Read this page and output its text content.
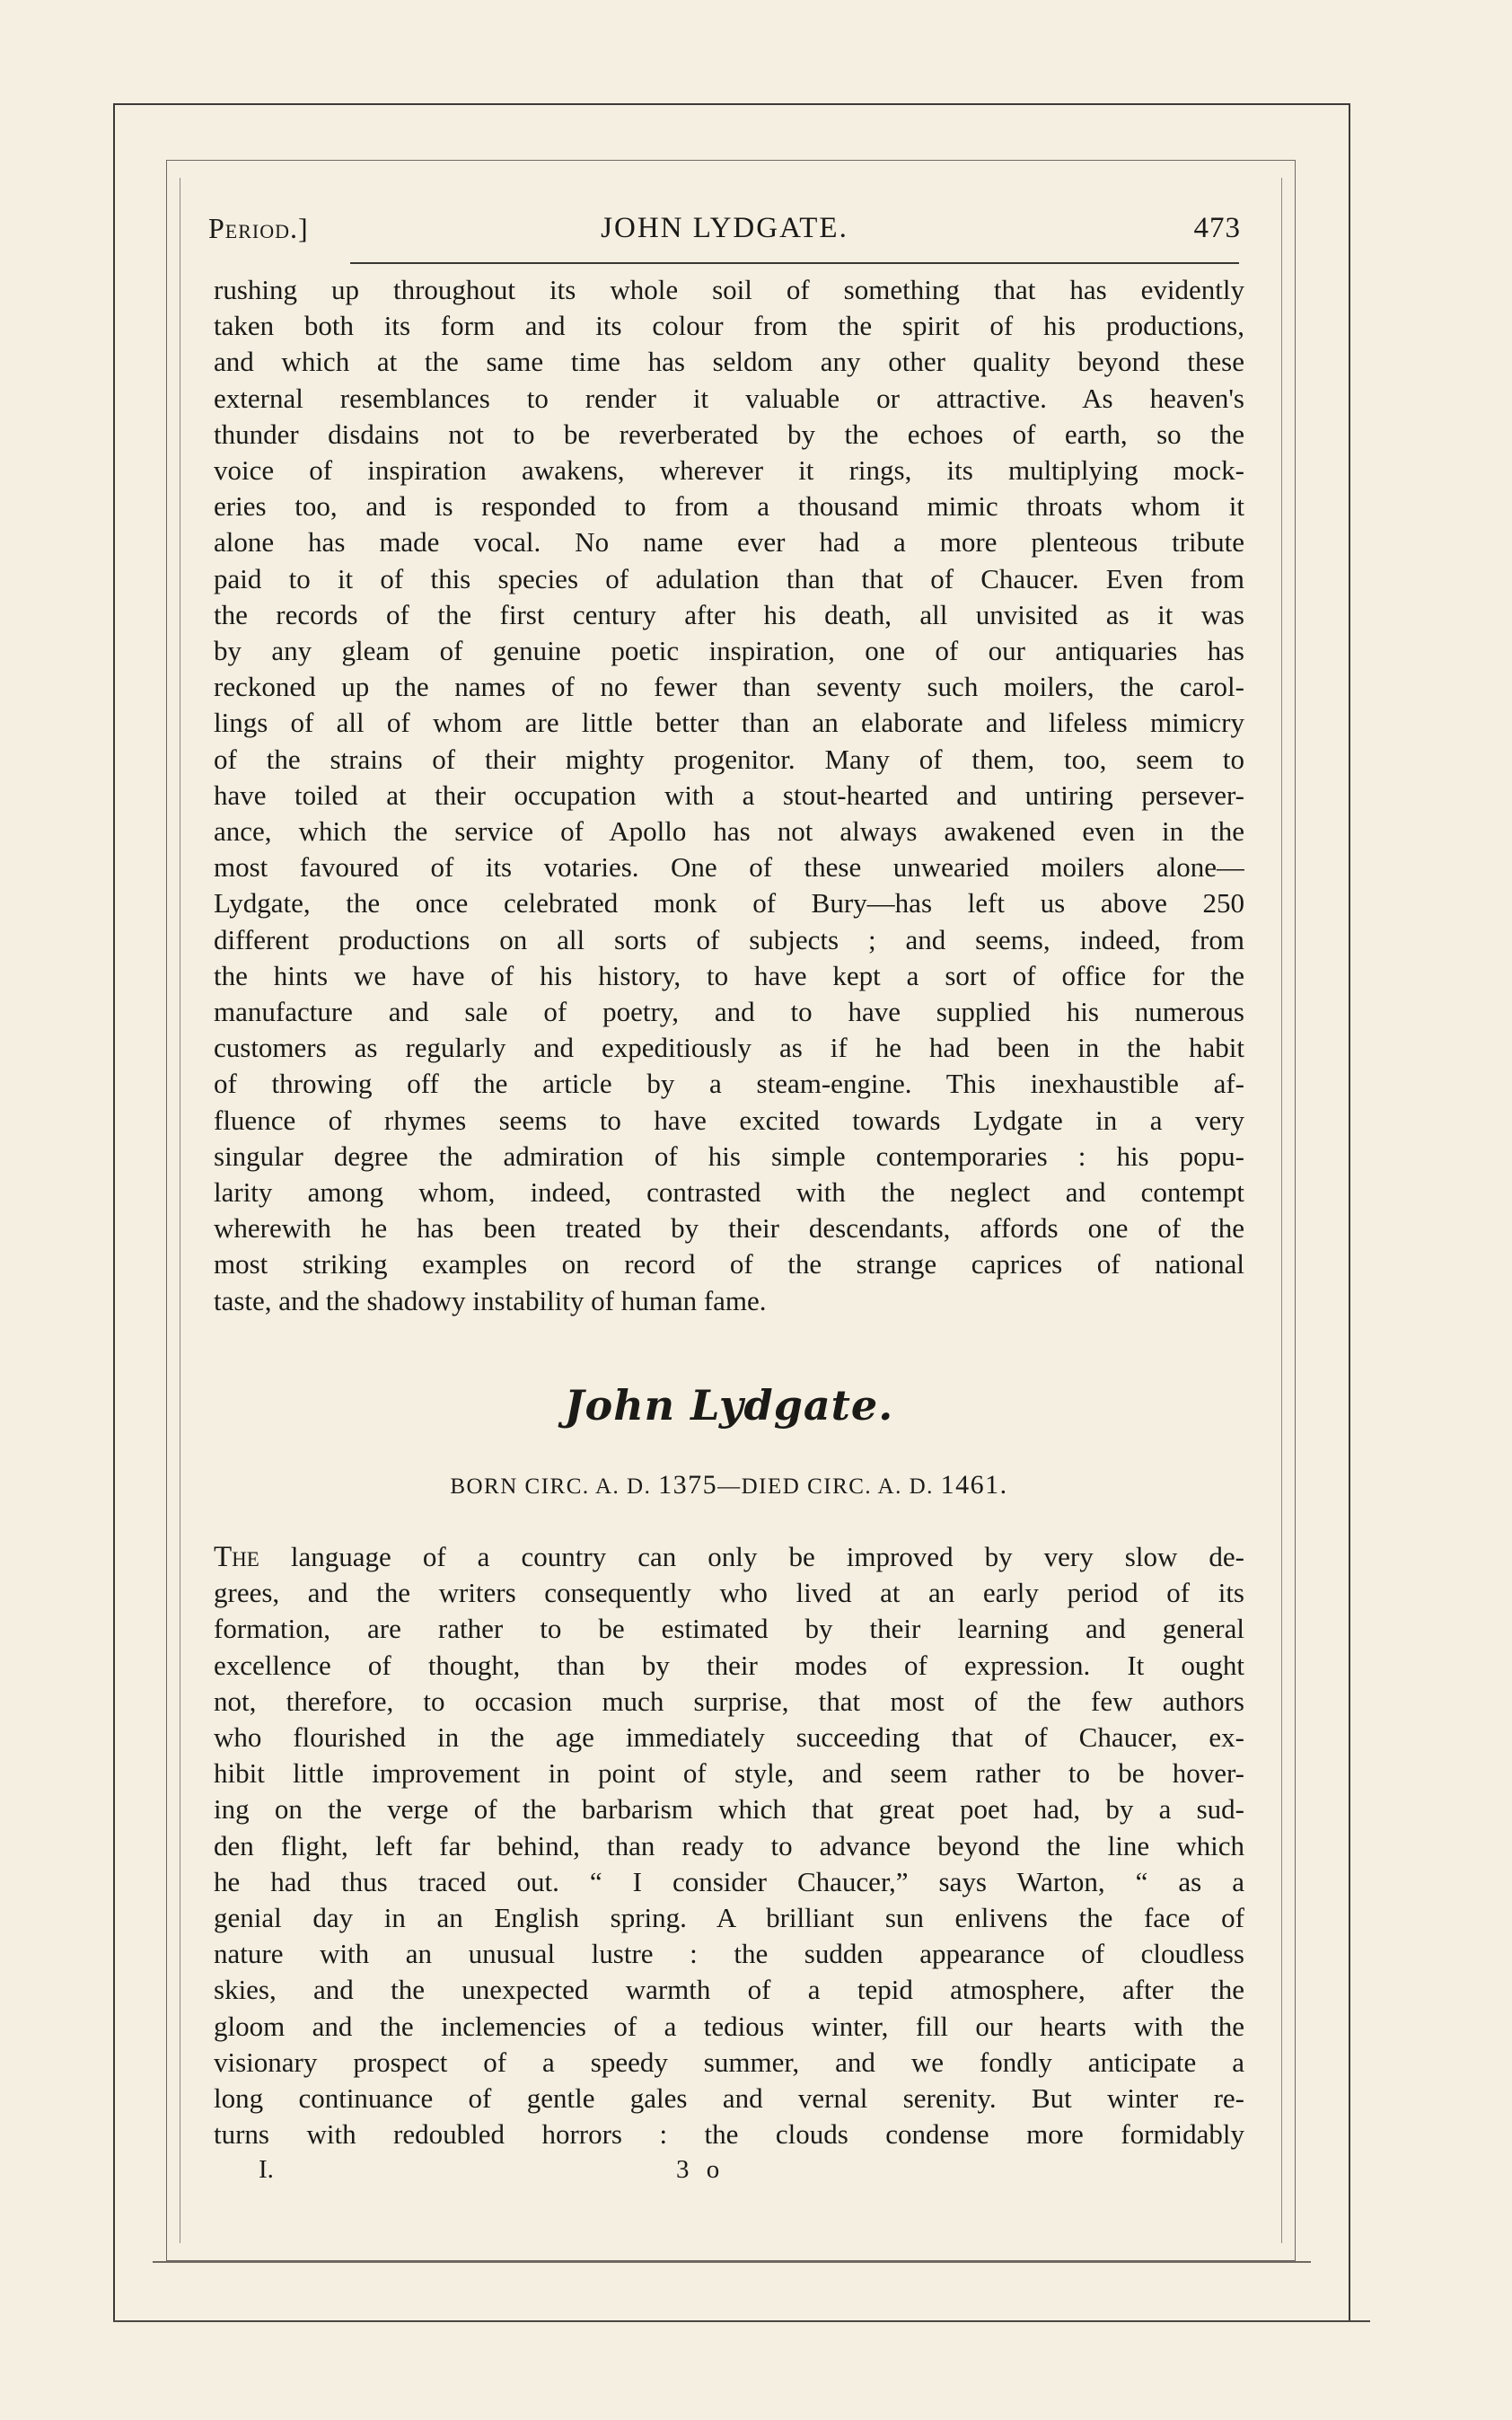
Period.]	JOHN LYDGATE.	473
rushing up throughout its whole soil of something that has evidently
taken both its form and its colour from the spirit of his productions,
and which at the same time has seldom any other quality beyond these
external resemblances to render it valuable or attractive. As heaven's
thunder disdains not to be reverberated by the echoes of earth, so the
voice of inspiration awakens, wherever it rings, its multiplying mock-
eries too, and is responded to from a thousand mimic throats whom it
alone has made vocal. No name ever had a more plenteous tribute
paid to it of this species of adulation than that of Chaucer. Even from
the records of the first century after his death, all unvisited as it was
by any gleam of genuine poetic inspiration, one of our antiquaries has
reckoned up the names of no fewer than seventy such moilers, the carol-
lings of all of whom are little better than an elaborate and lifeless mimicry
of the strains of their mighty progenitor. Many of them, too, seem to
have toiled at their occupation with a stout-hearted and untiring persever-
ance, which the service of Apollo has not always awakened even in the
most favoured of its votaries. One of these unwearied moilers alone—
Lydgate, the once celebrated monk of Bury—has left us above 250
different productions on all sorts of subjects ; and seems, indeed, from
the hints we have of his history, to have kept a sort of office for the
manufacture and sale of poetry, and to have supplied his numerous
customers as regularly and expeditiously as if he had been in the habit
of throwing off the article by a steam-engine. This inexhaustible af-
fluence of rhymes seems to have excited towards Lydgate in a very
singular degree the admiration of his simple contemporaries : his popu-
larity among whom, indeed, contrasted with the neglect and contempt
wherewith he has been treated by their descendants, affords one of the
most striking examples on record of the strange caprices of national
taste, and the shadowy instability of human fame.
John Lydgate.
BORN CIRC. A. D. 1375—DIED CIRC. A. D. 1461.
The language of a country can only be improved by very slow de-
grees, and the writers consequently who lived at an early period of its
formation, are rather to be estimated by their learning and general
excellence of thought, than by their modes of expression. It ought
not, therefore, to occasion much surprise, that most of the few authors
who flourished in the age immediately succeeding that of Chaucer, ex-
hibit little improvement in point of style, and seem rather to be hover-
ing on the verge of the barbarism which that great poet had, by a sud-
den flight, left far behind, than ready to advance beyond the line which
he had thus traced out. “ I consider Chaucer,” says Warton, “ as a
genial day in an English spring. A brilliant sun enlivens the face of
nature with an unusual lustre : the sudden appearance of cloudless
skies, and the unexpected warmth of a tepid atmosphere, after the
gloom and the inclemencies of a tedious winter, fill our hearts with the
visionary prospect of a speedy summer, and we fondly anticipate a
long continuance of gentle gales and vernal serenity. But winter re-
turns with redoubled horrors : the clouds condense more formidably
I.	3 o
